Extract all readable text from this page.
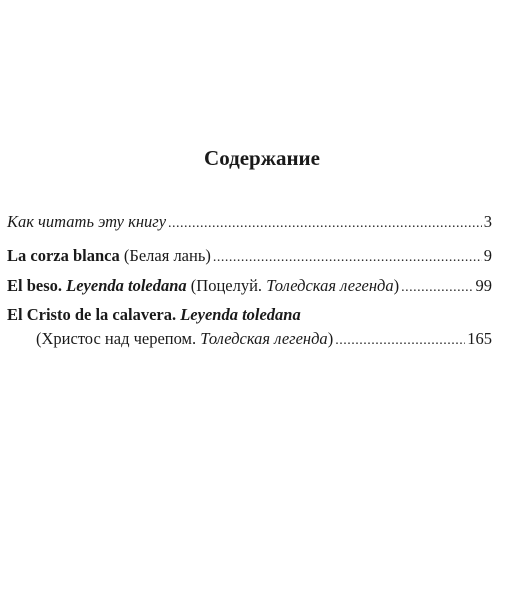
Содержание
Как читать эту книгу .....	3
La corza blanca (Белая лань) .....	9
El beso. Leyenda toledana (Поцелуй. Толедская легенда) .....	99
El Cristo de la calavera. Leyenda toledana
(Христос над черепом. Толедская легенда) .....	165
